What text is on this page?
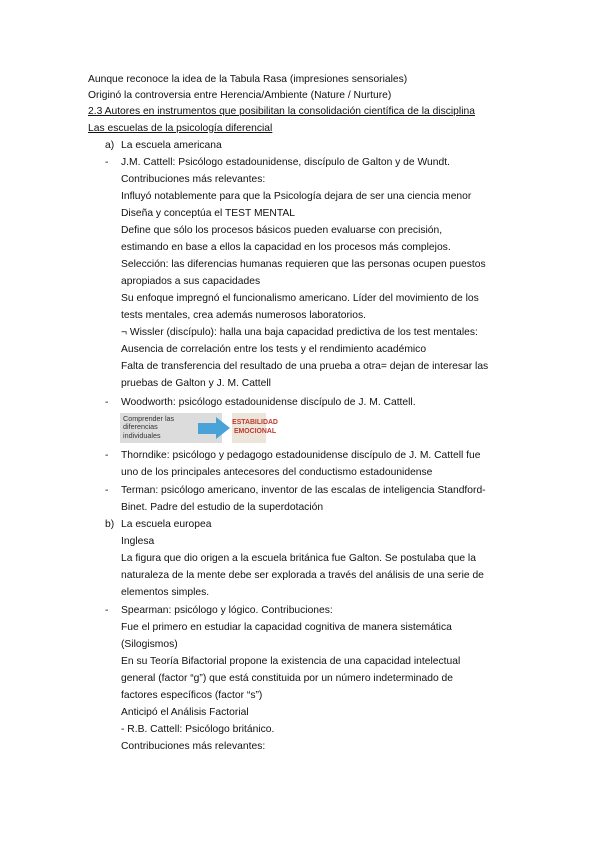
Aunque reconoce la idea de la Tabula Rasa (impresiones sensoriales)
Originó la controversia entre Herencia/Ambiente (Nature / Nurture)
2.3 Autores en instrumentos que posibilitan la consolidación científica de la disciplina
Las escuelas de la psicología diferencial
a) La escuela americana
- J.M. Cattell: Psicólogo estadounidense, discípulo de Galton y de Wundt.
Contribuciones más relevantes:
Influyó notablemente para que la Psicología dejara de ser una ciencia menor
Diseña y conceptúa el TEST MENTAL
Define que sólo los procesos básicos pueden evaluarse con precisión,
estimando en base a ellos la capacidad en los procesos más complejos.
Selección: las diferencias humanas requieren que las personas ocupen puestos
apropiados a sus capacidades
Su enfoque impregnó el funcionalismo americano. Líder del movimiento de los
tests mentales, crea además numerosos laboratorios.
¬ Wissler (discípulo): halla una baja capacidad predictiva de los test mentales:
Ausencia de correlación entre los tests y el rendimiento académico
Falta de transferencia del resultado de una prueba a otra= dejan de interesar las
pruebas de Galton y J. M. Cattell
- Woodworth: psicólogo estadounidense discípulo de J. M. Cattell.
Comprender las diferencias individuales
ESTABILIDAD EMOCIONAL
- Thorndike: psicólogo y pedagogo estadounidense discípulo de J. M. Cattell fue
uno de los principales antecesores del conductismo estadounidense
- Terman: psicólogo americano, inventor de las escalas de inteligencia Standford-
Binet. Padre del estudio de la superdotación
b) La escuela europea
Inglesa
La figura que dio origen a la escuela británica fue Galton. Se postulaba que la
naturaleza de la mente debe ser explorada a través del análisis de una serie de
elementos simples.
- Spearman: psicólogo y lógico. Contribuciones:
Fue el primero en estudiar la capacidad cognitiva de manera sistemática
(Silogismos)
En su Teoría Bifactorial propone la existencia de una capacidad intelectual
general (factor “g”) que está constituida por un número indeterminado de
factores específicos (factor “s”)
Anticipó el Análisis Factorial
- R.B. Cattell: Psicólogo británico.
Contribuciones más relevantes:
